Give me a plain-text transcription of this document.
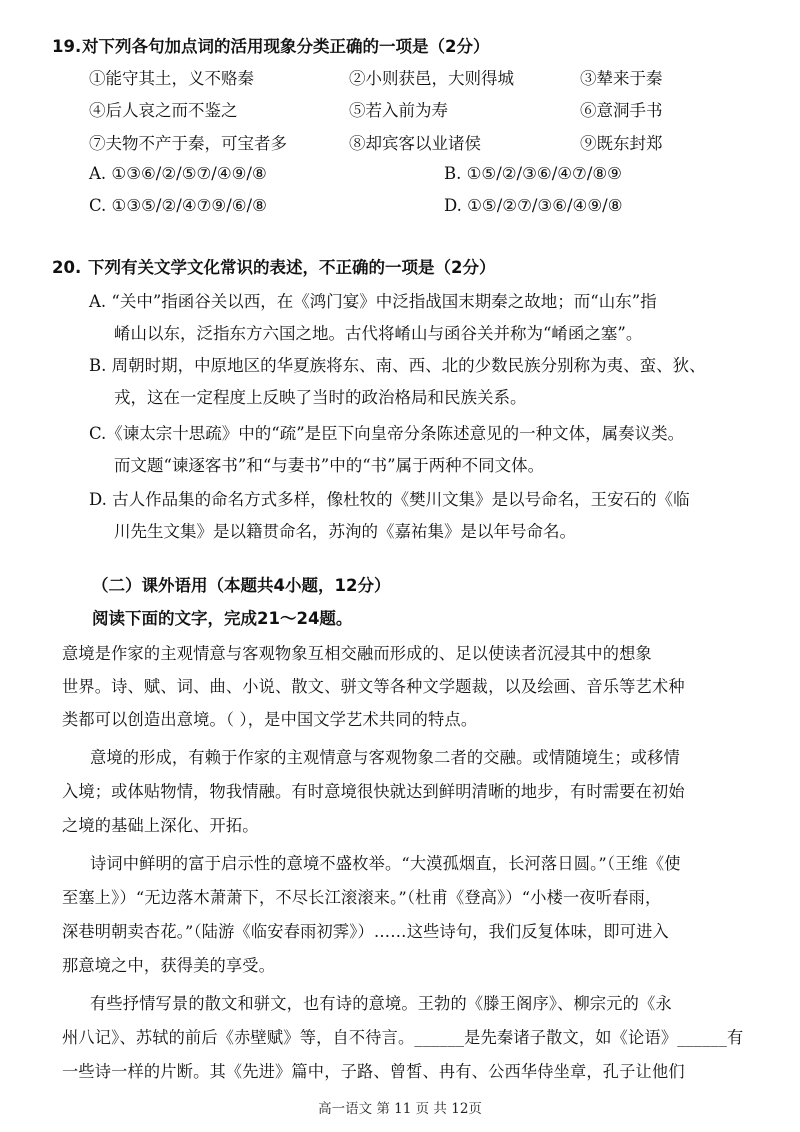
19.对下列各句加点词的活用现象分类正确的一项是（2分）
①能守其土，义不赂秦	②小则获邑，大则得城	③辇来于秦
④后人哀之而不鉴之	⑤若入前为寿	⑥意洞手书
⑦夫物不产于秦，可宝者多	⑧却宾客以业诸侯	⑨既东封郑
A. ①③⑥/②/⑤⑦/④⑨/⑧	B. ①⑤/②/③⑥/④⑦/⑧⑨
C. ①③⑤/②/④⑦⑨/⑥/⑧	D. ①⑤/②⑦/③⑥/④⑨/⑧
20. 下列有关文学文化常识的表述，不正确的一项是（2分）
A. “关中”指函谷关以西，在《鸿门宴》中泛指战国末期秦之故地；而“山东”指
崤山以东，泛指东方六国之地。古代将崤山与函谷关并称为“崤函之塞”。
B. 周朝时期，中原地区的华夏族将东、南、西、北的少数民族分别称为夷、蛮、狄、
戎，这在一定程度上反映了当时的政治格局和民族关系。
C.《谏太宗十思疏》中的“疏”是臣下向皇帝分条陈述意见的一种文体，属奏议类。
而文题“谏逐客书”和“与妻书”中的“书”属于两种不同文体。
D. 古人作品集的命名方式多样，像杜牧的《樊川文集》是以号命名，王安石的《临
川先生文集》是以籍贯命名，苏洵的《嘉祐集》是以年号命名。
（二）课外语用（本题共4小题，12分）
阅读下面的文字，完成21～24题。
意境是作家的主观情意与客观物象互相交融而形成的、足以使读者沉浸其中的想象
世界。诗、赋、词、曲、小说、散文、骈文等各种文学题裁，以及绘画、音乐等艺术种
类都可以创造出意境。（ ），是中国文学艺术共同的特点。
意境的形成，有赖于作家的主观情意与客观物象二者的交融。或情随境生；或移情
入境；或体贴物情，物我情融。有时意境很快就达到鲜明清晰的地步，有时需要在初始
之境的基础上深化、开拓。
诗词中鲜明的富于启示性的意境不盛枚举。“大漠孤烟直，长河落日圆。”（王维《使
至塞上》）“无边落木萧萧下，不尽长江滚滚来。”（杜甫《登高》）“小楼一夜听春雨，
深巷明朝卖杏花。”（陆游《临安春雨初霁》）……这些诗句，我们反复体味，即可进入
那意境之中，获得美的享受。
有些抒情写景的散文和骈文，也有诗的意境。王勃的《滕王阁序》、柳宗元的《永
州八记》、苏轼的前后《赤壁赋》等，自不待言。______是先秦诸子散文，如《论语》______有
一些诗一样的片断。其《先进》篇中，子路、曾皙、冉有、公西华侍坐章，孔子让他们
高一语文 第 11 页 共 12页
